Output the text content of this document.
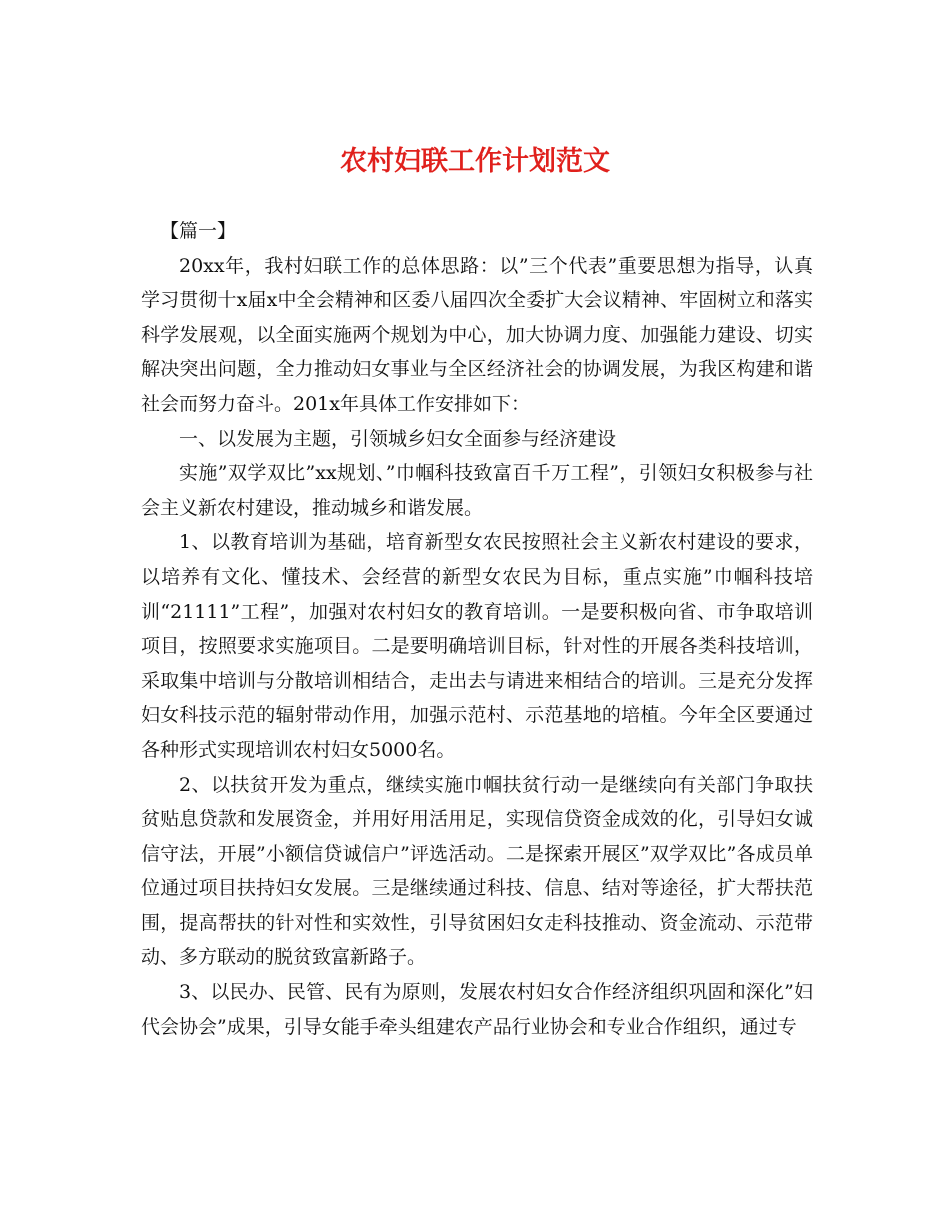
农村妇联工作计划范文

【篇一】

20xx年，我村妇联工作的总体思路：以”三个代表”重要思想为指导，认真学习贯彻十x届x中全会精神和区委八届四次全委扩大会议精神、牢固树立和落实科学发展观，以全面实施两个规划为中心，加大协调力度、加强能力建设、切实解决突出问题，全力推动妇女事业与全区经济社会的协调发展，为我区构建和谐社会而努力奋斗。201x年具体工作安排如下：

一、以发展为主题，引领城乡妇女全面参与经济建设

实施”双学双比”xx规划、”巾帼科技致富百千万工程”，引领妇女积极参与社会主义新农村建设，推动城乡和谐发展。

1、以教育培训为基础，培育新型女农民按照社会主义新农村建设的要求，以培养有文化、懂技术、会经营的新型女农民为目标，重点实施”巾帼科技培训“21111”工程”，加强对农村妇女的教育培训。一是要积极向省、市争取培训项目，按照要求实施项目。二是要明确培训目标，针对性的开展各类科技培训，采取集中培训与分散培训相结合，走出去与请进来相结合的培训。三是充分发挥妇女科技示范的辐射带动作用，加强示范村、示范基地的培植。今年全区要通过各种形式实现培训农村妇女5000名。

2、以扶贫开发为重点，继续实施巾帼扶贫行动一是继续向有关部门争取扶贫贴息贷款和发展资金，并用好用活用足，实现信贷资金成效的化，引导妇女诚信守法，开展”小额信贷诚信户”评选活动。二是探索开展区”双学双比”各成员单位通过项目扶持妇女发展。三是继续通过科技、信息、结对等途径，扩大帮扶范围，提高帮扶的针对性和实效性，引导贫困妇女走科技推动、资金流动、示范带动、多方联动的脱贫致富新路子。

3、以民办、民管、民有为原则，发展农村妇女合作经济组织巩固和深化”妇代会协会”成果，引导女能手牵头组建农产品行业协会和专业合作组织，通过专
